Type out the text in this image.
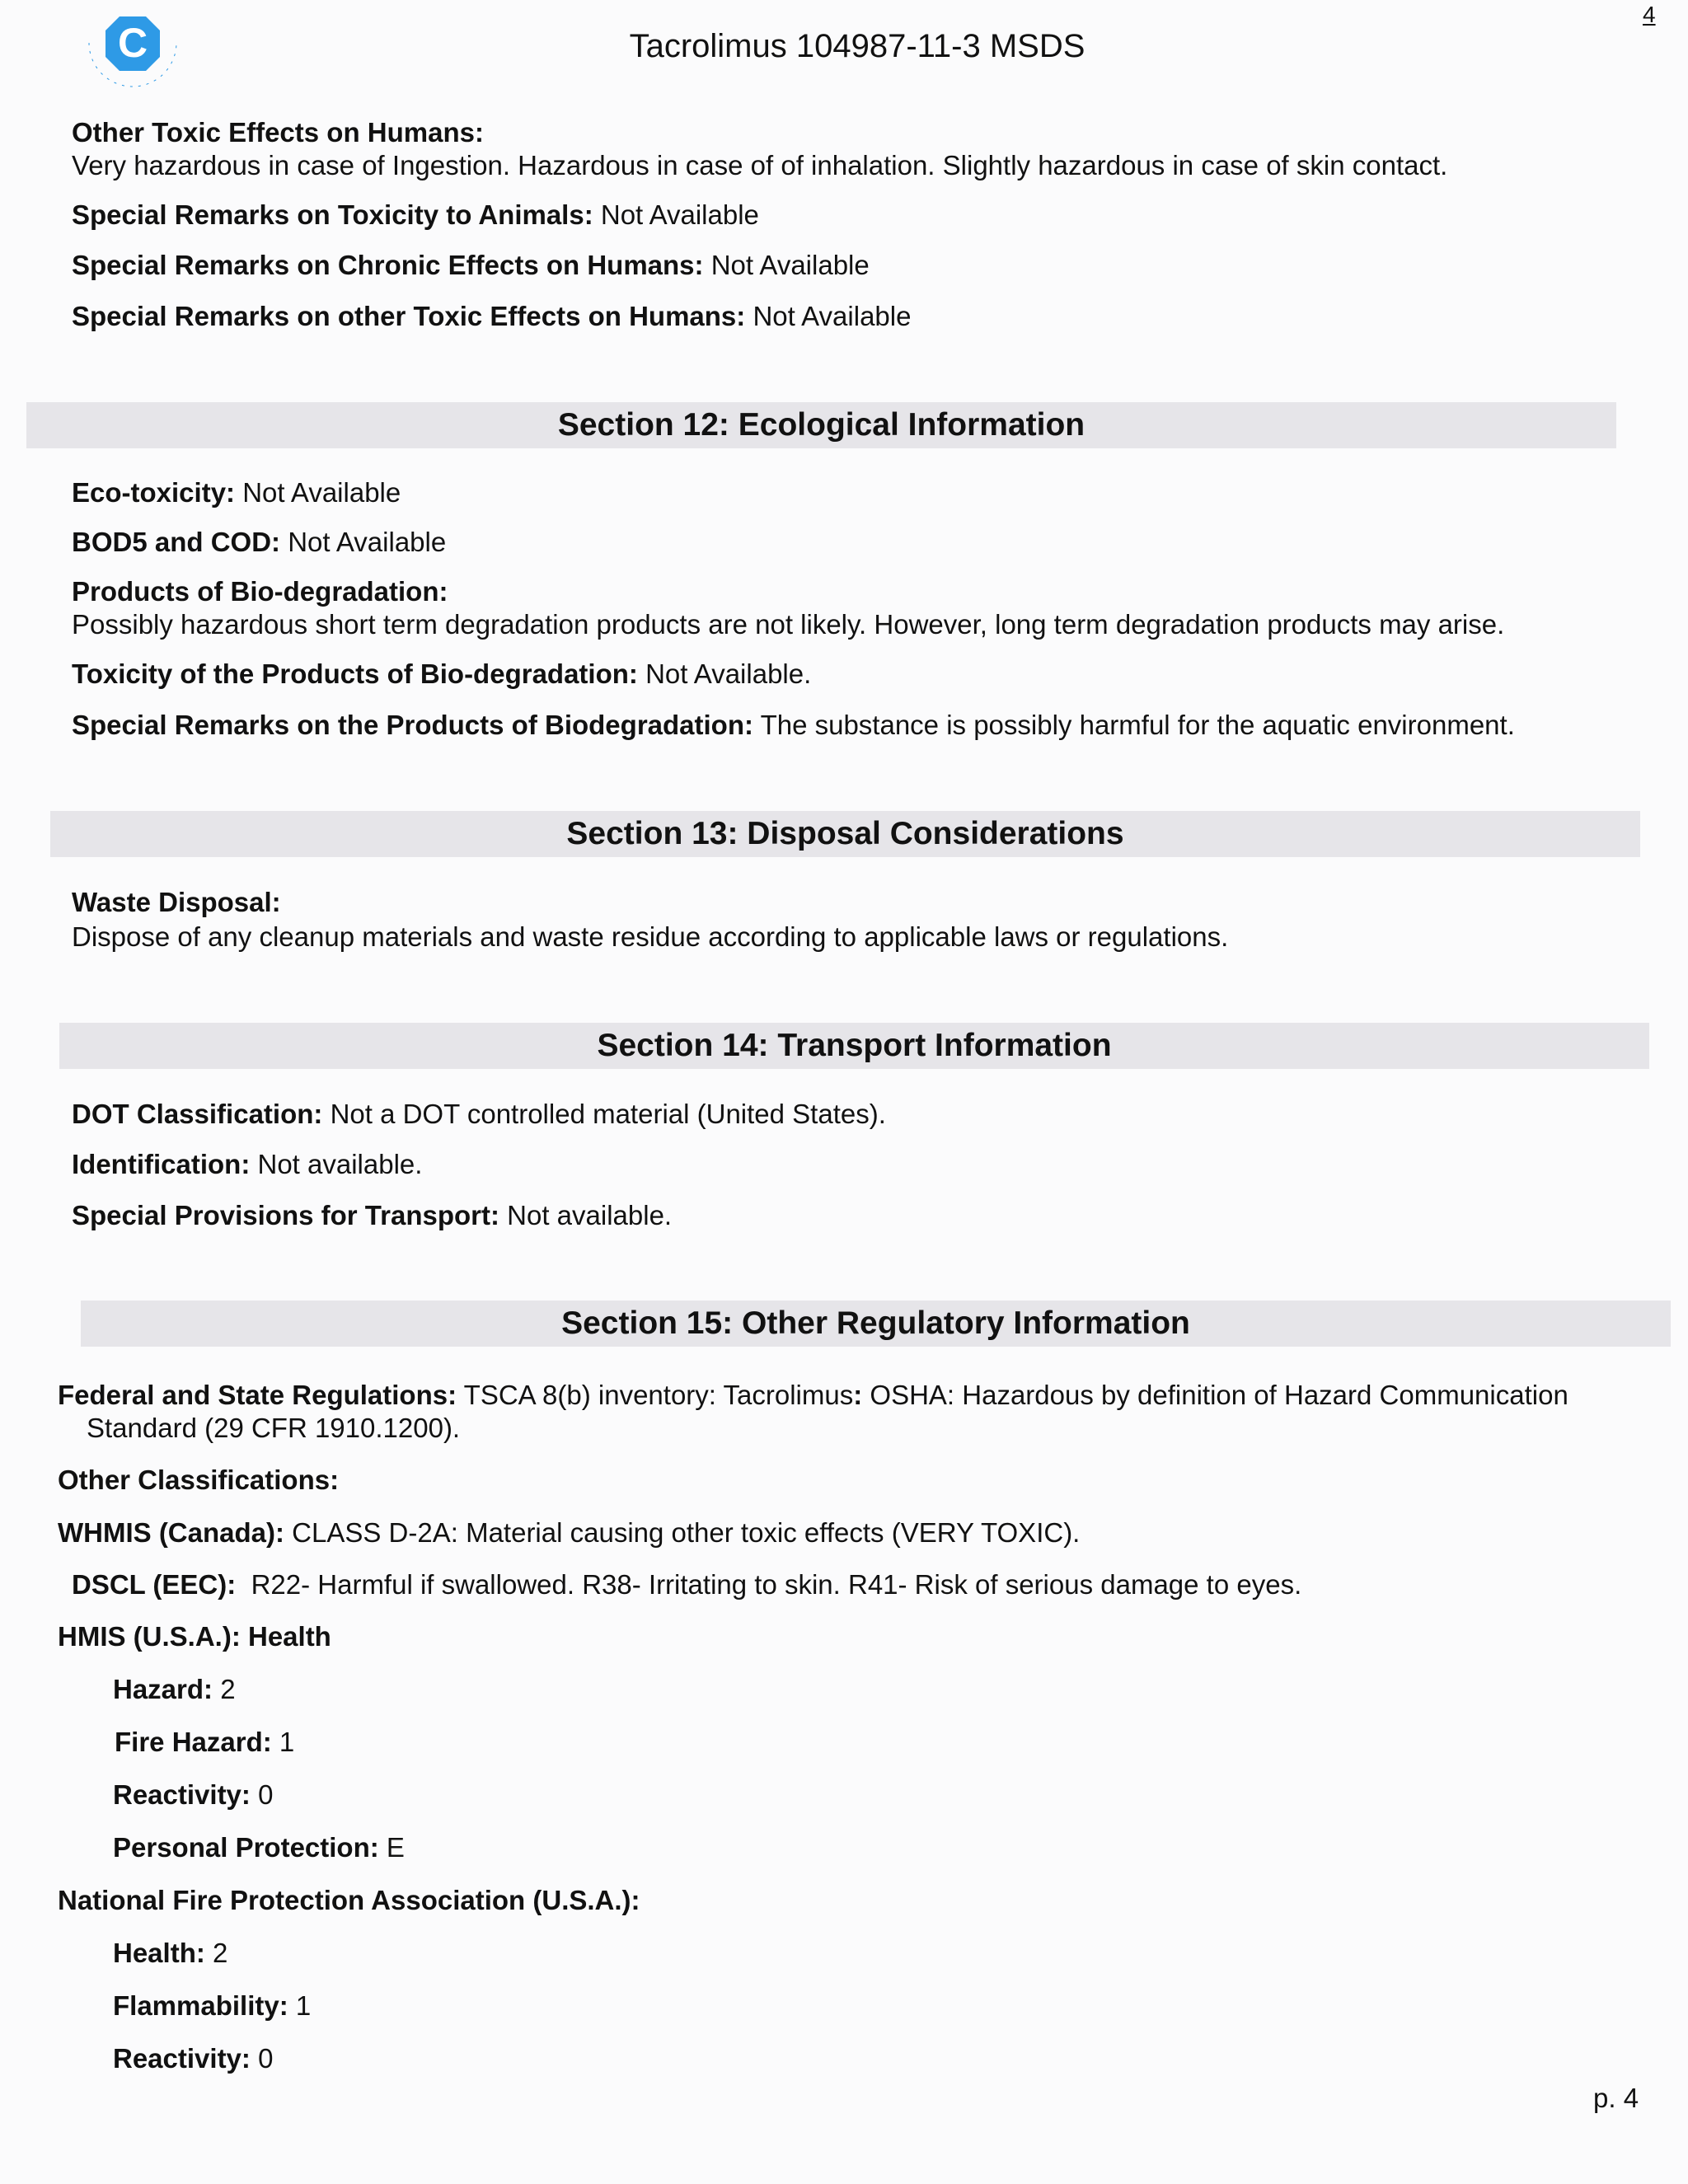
C	Tacrolimus 104987-11-3 MSDS
4
Other Toxic Effects on Humans:
Very hazardous in case of Ingestion. Hazardous in case of of inhalation. Slightly hazardous in case of skin contact.
Special Remarks on Toxicity to Animals: Not Available
Special Remarks on Chronic Effects on Humans: Not Available
Special Remarks on other Toxic Effects on Humans: Not Available
Section 12: Ecological Information
Eco-toxicity: Not Available
BOD5 and COD: Not Available
Products of Bio-degradation:
Possibly hazardous short term degradation products are not likely. However, long term degradation products may arise.
Toxicity of the Products of Bio-degradation: Not Available.
Special Remarks on the Products of Biodegradation: The substance is possibly harmful for the aquatic environment.
Section 13: Disposal Considerations
Waste Disposal:
Dispose of any cleanup materials and waste residue according to applicable laws or regulations.
Section 14: Transport Information
DOT Classification: Not a DOT controlled material (United States).
Identification: Not available.
Special Provisions for Transport: Not available.
Section 15: Other Regulatory Information
Federal and State Regulations: TSCA 8(b) inventory: Tacrolimus: OSHA: Hazardous by definition of Hazard Communication
Standard (29 CFR 1910.1200).
Other Classifications:
WHMIS (Canada): CLASS D-2A: Material causing other toxic effects (VERY TOXIC).
DSCL (EEC): R22- Harmful if swallowed. R38- Irritating to skin. R41- Risk of serious damage to eyes.
HMIS (U.S.A.): Health
Hazard: 2
Fire Hazard: 1
Reactivity: 0
Personal Protection: E
National Fire Protection Association (U.S.A.):
Health: 2
Flammability: 1
Reactivity: 0
p. 4
